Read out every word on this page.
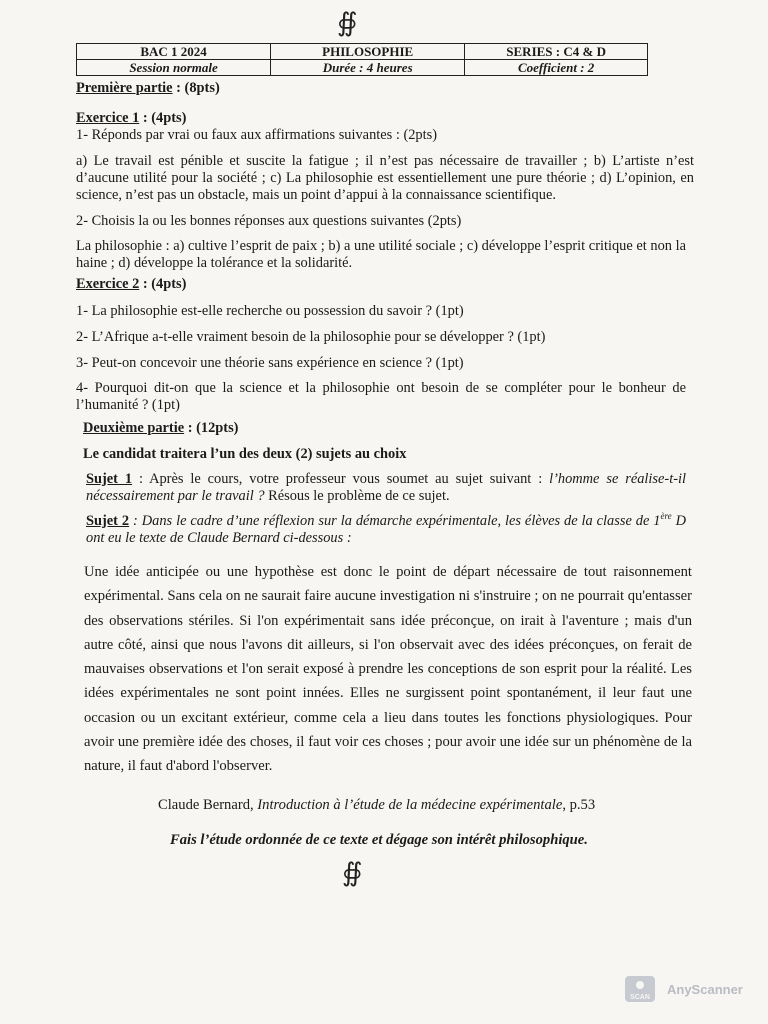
∯
BAC 1 2024	PHILOSOPHIE	SERIES : C4 & D
Session normale	Durée : 4 heures	Coefficient : 2
Première partie : (8pts)
Exercice 1 : (4pts)
1- Réponds par vrai ou faux aux affirmations suivantes : (2pts)
a) Le travail est pénible et suscite la fatigue ; il n’est pas nécessaire de travailler ; b) L’artiste n’est d’aucune utilité pour la société ; c) La philosophie est essentiellement une pure théorie ; d) L’opinion, en science, n’est pas un obstacle, mais un point d’appui à la connaissance scientifique.
2- Choisis la ou les bonnes réponses aux questions suivantes (2pts)
La philosophie : a) cultive l’esprit de paix ; b) a une utilité sociale ; c) développe l’esprit critique et non la haine ; d) développe la tolérance et la solidarité.
Exercice 2 : (4pts)
1- La philosophie est-elle recherche ou possession du savoir ? (1pt)
2- L’Afrique a-t-elle vraiment besoin de la philosophie pour se développer ? (1pt)
3- Peut-on concevoir une théorie sans expérience en science ? (1pt)
4- Pourquoi dit-on que la science et la philosophie ont besoin de se compléter pour le bonheur de l’humanité ? (1pt)
Deuxième partie : (12pts)
Le candidat traitera l’un des deux (2) sujets au choix
Sujet 1 : Après le cours, votre professeur vous soumet au sujet suivant : l’homme se réalise-t-il nécessairement par le travail ? Résous le problème de ce sujet.
Sujet 2 : Dans le cadre d’une réflexion sur la démarche expérimentale, les élèves de la classe de 1ère D ont eu le texte de Claude Bernard ci-dessous :
Une idée anticipée ou une hypothèse est donc le point de départ nécessaire de tout raisonnement expérimental. Sans cela on ne saurait faire aucune investigation ni s'instruire ; on ne pourrait qu'entasser des observations stériles. Si l'on expérimentait sans idée préconçue, on irait à l'aventure ; mais d'un autre côté, ainsi que nous l'avons dit ailleurs, si l'on observait avec des idées préconçues, on ferait de mauvaises observations et l'on serait exposé à prendre les conceptions de son esprit pour la réalité. Les idées expérimentales ne sont point innées. Elles ne surgissent point spontanément, il leur faut une occasion ou un excitant extérieur, comme cela a lieu dans toutes les fonctions physiologiques. Pour avoir une première idée des choses, il faut voir ces choses ; pour avoir une idée sur un phénomène de la nature, il faut d'abord l'observer.
Claude Bernard, Introduction à l’étude de la médecine expérimentale, p.53
Fais l’étude ordonnée de ce texte et dégage son intérêt philosophique.
∯
SCAN
AnyScanner
